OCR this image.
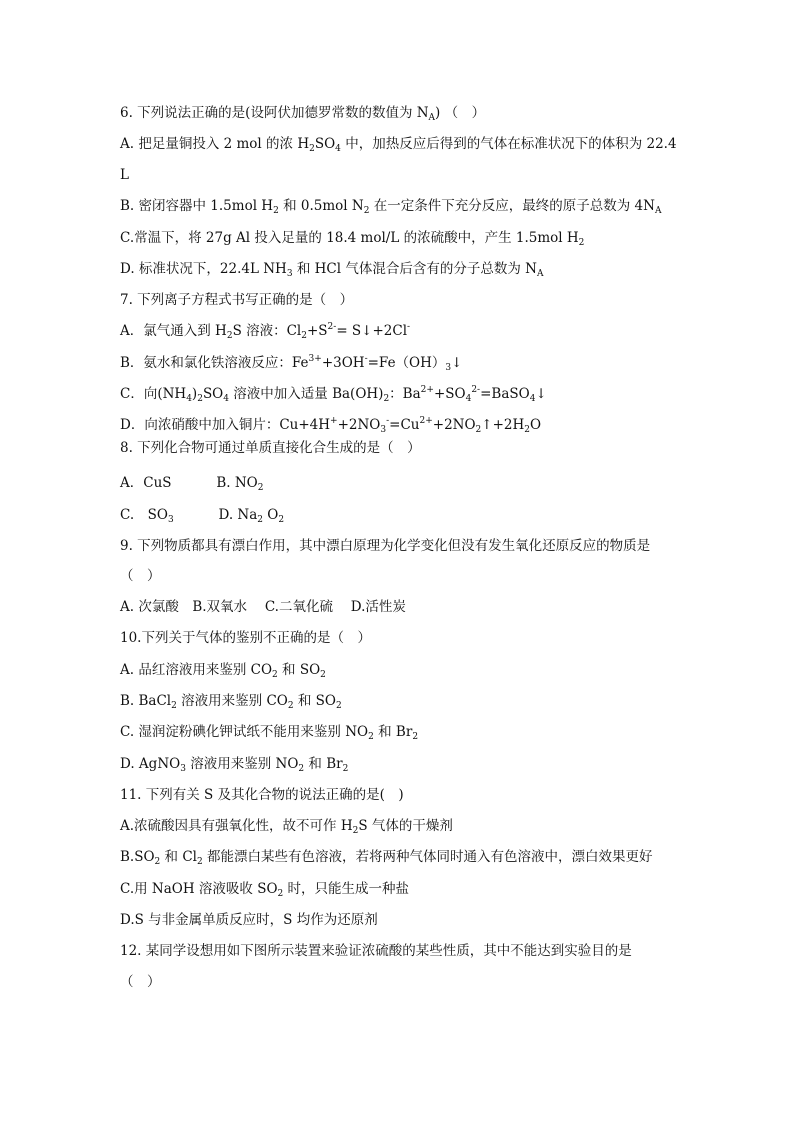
6. 下列说法正确的是(设阿伏加德罗常数的数值为 $N_A$) （　）
A. 把足量铜投入 2 mol 的浓 $H_2SO_4$ 中，加热反应后得到的气体在标准状况下的体积为 22.4
L
B. 密闭容器中 1.5mol $H_2$ 和 0.5mol $N_2$ 在一定条件下充分反应，最终的原子总数为 $4N_A$
C.常温下，将 27g Al 投入足量的 18.4 mol/L 的浓硫酸中，产生 1.5mol $H_2$
D. 标准状况下，22.4L $NH_3$ 和 HCl 气体混合后含有的分子总数为 $N_A$
7. 下列离子方程式书写正确的是（　）
A．氯气通入到 $H_2S$ 溶液：$Cl_2+S^{2-}=$ S↓+2Cl-
B．氨水和氯化铁溶液反应：$Fe^{3+}+3OH^-=Fe(OH)_3↓$
C．向$(NH_4)_2SO_4$ 溶液中加入适量 $Ba(OH)_2$：$Ba^{2+}+SO_4^{2-}=BaSO_4↓$
D．向浓硝酸中加入铜片：$Cu+4H^++2NO_3^-=Cu^{2+}+2NO_2↑+2H_2O$
8. 下列化合物可通过单质直接化合生成的是（　）
A．CuS　　　 B. $NO_2$
C.　$SO_3$　　　 D. $Na_2$ $O_2$
9. 下列物质都具有漂白作用，其中漂白原理为化学变化但没有发生氧化还原反应的物质是
（　）
A. 次氯酸　B.双氧水　 C.二氧化硫　 D.活性炭
10.下列关于气体的鉴别不正确的是（　）
A. 品红溶液用来鉴别 $CO_2$ 和 $SO_2$
B. BaCl$_2$ 溶液用来鉴别 $CO_2$ 和 $SO_2$
C. 湿润淀粉碘化钾试纸不能用来鉴别 $NO_2$ 和 $Br_2$
D. AgNO$_3$ 溶液用来鉴别 $NO_2$ 和 $Br_2$
11. 下列有关 S 及其化合物的说法正确的是(　)
A.浓硫酸因具有强氧化性，故不可作 $H_2S$ 气体的干燥剂
$B.SO_2$ 和 $Cl_2$ 都能漂白某些有色溶液，若将两种气体同时通入有色溶液中，漂白效果更好
C.用 NaOH 溶液吸收 $SO_2$ 时，只能生成一种盐
D.S 与非金属单质反应时，S 均作为还原剂
12. 某同学设想用如下图所示装置来验证浓硫酸的某些性质，其中不能达到实验目的是
（　）
